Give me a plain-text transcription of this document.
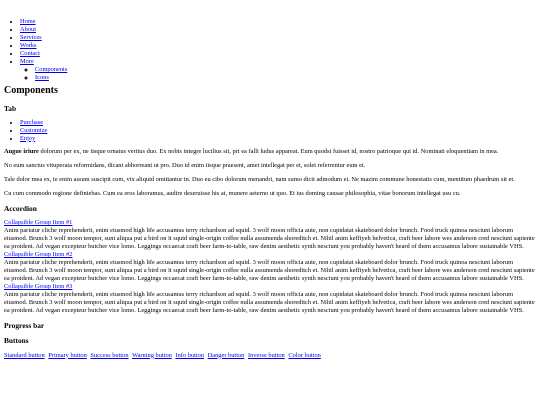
• Home
• About
• Services
• Works
• Contact
• More
◦ Components
◦ Icons
Components
Tab
• Purchase
• Customize
• Enjoy

Augue iriure dolorum per ex, ne iisque ornatus veritus duo. Ex nobis integre lucilius sit, pri ea falli ludus appareat. Eum quodsi fuisset id, nostro patrioque qui id. Nominati eloquentiam in mea.

No eum sanctus vituperata reformidans, dicant abhorreant ut pro. Duo id enim iisque praesent, amet intellegat per et, solet referrentur eum et.

Tale dolor mea ex, te enim assum suscipit cum, vix aliquid omittantur in. Duo eu cibo dolorum menandri, nam sumo dicit admodum ei. Ne mazim commune honestatis cum, mentitum phaedrum sit et.

Cu cum commodo regione definiebas. Cum ea eros laboramus, audire deseruisse his at, munere aeterno ut quo. Et ius doming causae philosophia, vitae bonorum intellegat usu cu.

Accordion
Collapsible Group Item #1
Anim pariatur cliche reprehenderit, enim eiusmod high life accusamus terry richardson ad squid. 3 wolf moon officia aute, non cupidatat skateboard dolor brunch. Food truck quinoa nesciunt laborum eiusmod. Brunch 3 wolf moon tempor, sunt aliqua put a bird on it squid single-origin coffee nulla assumenda shoreditch et. Nihil anim keffiyeh helvetica, craft beer labore wes anderson cred nesciunt sapiente ea proident. Ad vegan excepteur butcher vice lomo. Leggings occaecat craft beer farm-to-table, raw denim aesthetic synth nesciunt you probably haven't heard of them accusamus labore sustainable VHS.
Collapsible Group Item #2
Anim pariatur cliche reprehenderit, enim eiusmod high life accusamus terry richardson ad squid. 3 wolf moon officia aute, non cupidatat skateboard dolor brunch. Food truck quinoa nesciunt laborum eiusmod. Brunch 3 wolf moon tempor, sunt aliqua put a bird on it squid single-origin coffee nulla assumenda shoreditch et. Nihil anim keffiyeh helvetica, craft beer labore wes anderson cred nesciunt sapiente ea proident. Ad vegan excepteur butcher vice lomo. Leggings occaecat craft beer farm-to-table, raw denim aesthetic synth nesciunt you probably haven't heard of them accusamus labore sustainable VHS.
Collapsible Group Item #3
Anim pariatur cliche reprehenderit, enim eiusmod high life accusamus terry richardson ad squid. 3 wolf moon officia aute, non cupidatat skateboard dolor brunch. Food truck quinoa nesciunt laborum eiusmod. Brunch 3 wolf moon tempor, sunt aliqua put a bird on it squid single-origin coffee nulla assumenda shoreditch et. Nihil anim keffiyeh helvetica, craft beer labore wes anderson cred nesciunt sapiente ea proident. Ad vegan excepteur butcher vice lomo. Leggings occaecat craft beer farm-to-table, raw denim aesthetic synth nesciunt you probably haven't heard of them accusamus labore sustainable VHS.
Progress bar
Buttons
Standard button Primary button Success button Warning button Info button Danger button Inverse button Color button
